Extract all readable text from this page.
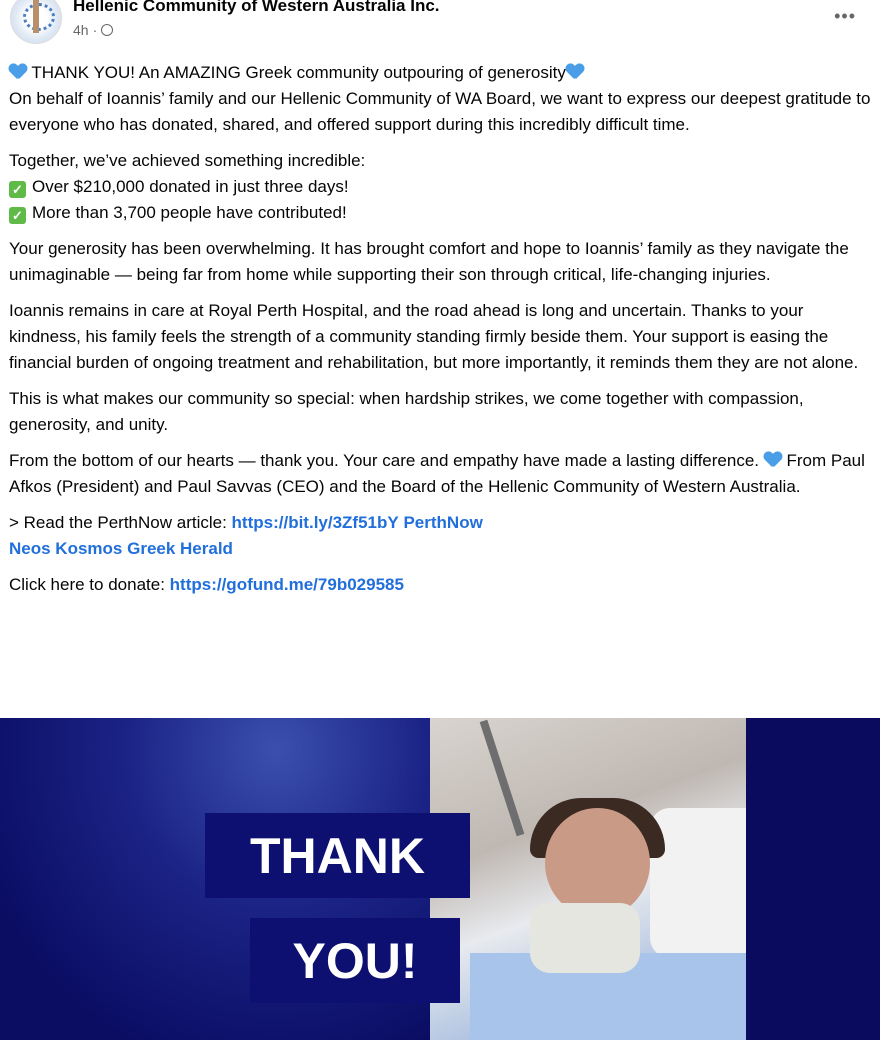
Hellenic Community of Western Australia Inc.
4h ·
•••

THANK YOU! An AMAZING Greek community outpouring of generosity
On behalf of Ioannis’ family and our Hellenic Community of WA Board, we want to express our deepest gratitude to everyone who has donated, shared, and offered support during this incredibly difficult time.

Together, we’ve achieved something incredible:
✓ Over $210,000 donated in just three days!
✓ More than 3,700 people have contributed!

Your generosity has been overwhelming. It has brought comfort and hope to Ioannis’ family as they navigate the unimaginable — being far from home while supporting their son through critical, life-changing injuries.

Ioannis remains in care at Royal Perth Hospital, and the road ahead is long and uncertain. Thanks to your kindness, his family feels the strength of a community standing firmly beside them. Your support is easing the financial burden of ongoing treatment and rehabilitation, but more importantly, it reminds them they are not alone.

This is what makes our community so special: when hardship strikes, we come together with compassion, generosity, and unity.

From the bottom of our hearts — thank you. Your care and empathy have made a lasting difference. From Paul Afkos (President) and Paul Savvas (CEO) and the Board of the Hellenic Community of Western Australia.

> Read the PerthNow article: https://bit.ly/3Zf51bY PerthNow
Neos Kosmos Greek Herald

Click here to donate: https://gofund.me/79b029585

THANK
YOU!
